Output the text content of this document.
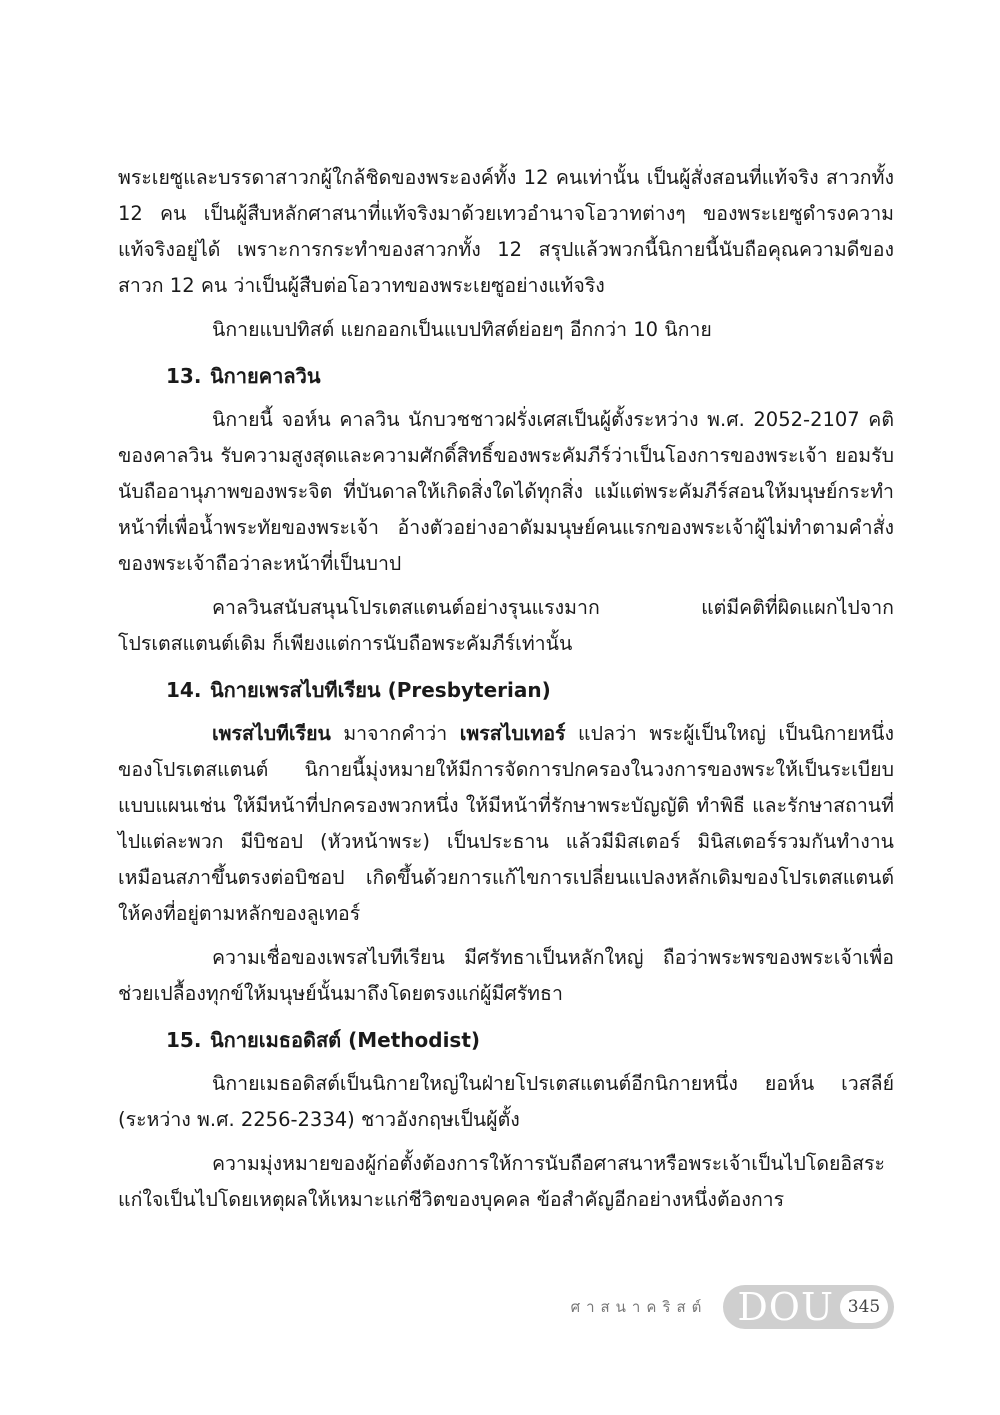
พระเยซูและบรรดาสาวกผู้ใกล้ชิดของพระองค์ทั้ง 12 คนเท่านั้น เป็นผู้สั่งสอนที่แท้จริง สาวกทั้ง 12 คน เป็นผู้สืบหลักศาสนาที่แท้จริงมาด้วยเทวอำนาจโอวาทต่างๆ ของพระเยซูดำรงความแท้จริงอยู่ได้ เพราะการกระทำของสาวกทั้ง 12 สรุปแล้วพวกนี้นิกายนี้นับถือคุณความดีของสาวก 12 คน ว่าเป็นผู้สืบต่อโอวาทของพระเยซูอย่างแท้จริง

นิกายแบปทิสต์ แยกออกเป็นแบปทิสต์ย่อยๆ อีกกว่า 10 นิกาย

13. นิกายคาลวิน

นิกายนี้ จอห์น คาลวิน นักบวชชาวฝรั่งเศสเป็นผู้ตั้งระหว่าง พ.ศ. 2052-2107 คติของคาลวิน รับความสูงสุดและความศักดิ์สิทธิ์ของพระคัมภีร์ว่าเป็นโองการของพระเจ้า ยอมรับนับถืออานุภาพของพระจิต ที่บันดาลให้เกิดสิ่งใดได้ทุกสิ่ง แม้แต่พระคัมภีร์สอนให้มนุษย์กระทำหน้าที่เพื่อน้ำพระทัยของพระเจ้า อ้างตัวอย่างอาดัมมนุษย์คนแรกของพระเจ้าผู้ไม่ทำตามคำสั่งของพระเจ้าถือว่าละหน้าที่เป็นบาป

คาลวินสนับสนุนโปรเตสแตนต์อย่างรุนแรงมาก แต่มีคติที่ผิดแผกไปจากโปรเตสแตนต์เดิม ก็เพียงแต่การนับถือพระคัมภีร์เท่านั้น

14. นิกายเพรสไบทีเรียน (Presbyterian)

เพรสไบทีเรียน มาจากคำว่า เพรสไบเทอร์ แปลว่า พระผู้เป็นใหญ่ เป็นนิกายหนึ่งของโปรเตสแตนต์ นิกายนี้มุ่งหมายให้มีการจัดการปกครองในวงการของพระให้เป็นระเบียบแบบแผนเช่น ให้มีหน้าที่ปกครองพวกหนึ่ง ให้มีหน้าที่รักษาพระบัญญัติ ทำพิธี และรักษาสถานที่ไปแต่ละพวก มีบิชอป (หัวหน้าพระ) เป็นประธาน แล้วมีมิสเตอร์ มินิสเตอร์รวมกันทำงานเหมือนสภาขึ้นตรงต่อบิชอป เกิดขึ้นด้วยการแก้ไขการเปลี่ยนแปลงหลักเดิมของโปรเตสแตนต์ ให้คงที่อยู่ตามหลักของลูเทอร์

ความเชื่อของเพรสไบทีเรียน มีศรัทธาเป็นหลักใหญ่ ถือว่าพระพรของพระเจ้าเพื่อช่วยเปลื้องทุกข์ให้มนุษย์นั้นมาถึงโดยตรงแก่ผู้มีศรัทธา

15. นิกายเมธอดิสต์ (Methodist)

นิกายเมธอดิสต์เป็นนิกายใหญ่ในฝ่ายโปรเตสแตนต์อีกนิกายหนึ่ง ยอห์น เวสลีย์ (ระหว่าง พ.ศ. 2256-2334) ชาวอังกฤษเป็นผู้ตั้ง

ความมุ่งหมายของผู้ก่อตั้งต้องการให้การนับถือศาสนาหรือพระเจ้าเป็นไปโดยอิสระแก่ใจเป็นไปโดยเหตุผลให้เหมาะแก่ชีวิตของบุคคล ข้อสำคัญอีกอย่างหนึ่งต้องการ

ศาสนาคริสต์ DOU 345
